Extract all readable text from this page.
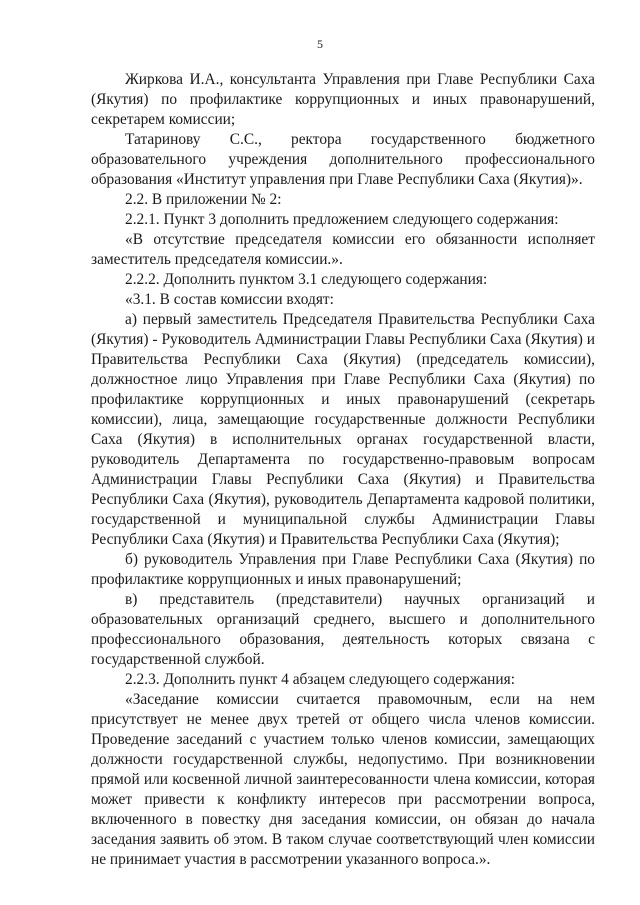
5

Жиркова И.А., консультанта Управления при Главе Республики Саха (Якутия) по профилактике коррупционных и иных правонарушений, секретарем комиссии;

Татаринову С.С., ректора государственного бюджетного образовательного учреждения дополнительного профессионального образования «Институт управления при Главе Республики Саха (Якутия)».

2.2. В приложении № 2:

2.2.1. Пункт 3 дополнить предложением следующего содержания:

«В отсутствие председателя комиссии его обязанности исполняет заместитель председателя комиссии.».

2.2.2. Дополнить пунктом 3.1 следующего содержания:

«3.1. В состав комиссии входят:

а) первый заместитель Председателя Правительства Республики Саха (Якутия) - Руководитель Администрации Главы Республики Саха (Якутия) и Правительства Республики Саха (Якутия) (председатель комиссии), должностное лицо Управления при Главе Республики Саха (Якутия) по профилактике коррупционных и иных правонарушений (секретарь комиссии), лица, замещающие государственные должности Республики Саха (Якутия) в исполнительных органах государственной власти, руководитель Департамента по государственно-правовым вопросам Администрации Главы Республики Саха (Якутия) и Правительства Республики Саха (Якутия), руководитель Департамента кадровой политики, государственной и муниципальной службы Администрации Главы Республики Саха (Якутия) и Правительства Республики Саха (Якутия);

б) руководитель Управления при Главе Республики Саха (Якутия) по профилактике коррупционных и иных правонарушений;

в) представитель (представители) научных организаций и образовательных организаций среднего, высшего и дополнительного профессионального образования, деятельность которых связана с государственной службой.

2.2.3. Дополнить пункт 4 абзацем следующего содержания:

«Заседание комиссии считается правомочным, если на нем присутствует не менее двух третей от общего числа членов комиссии. Проведение заседаний с участием только членов комиссии, замещающих должности государственной службы, недопустимо. При возникновении прямой или косвенной личной заинтересованности члена комиссии, которая может привести к конфликту интересов при рассмотрении вопроса, включенного в повестку дня заседания комиссии, он обязан до начала заседания заявить об этом. В таком случае соответствующий член комиссии не принимает участия в рассмотрении указанного вопроса.».
